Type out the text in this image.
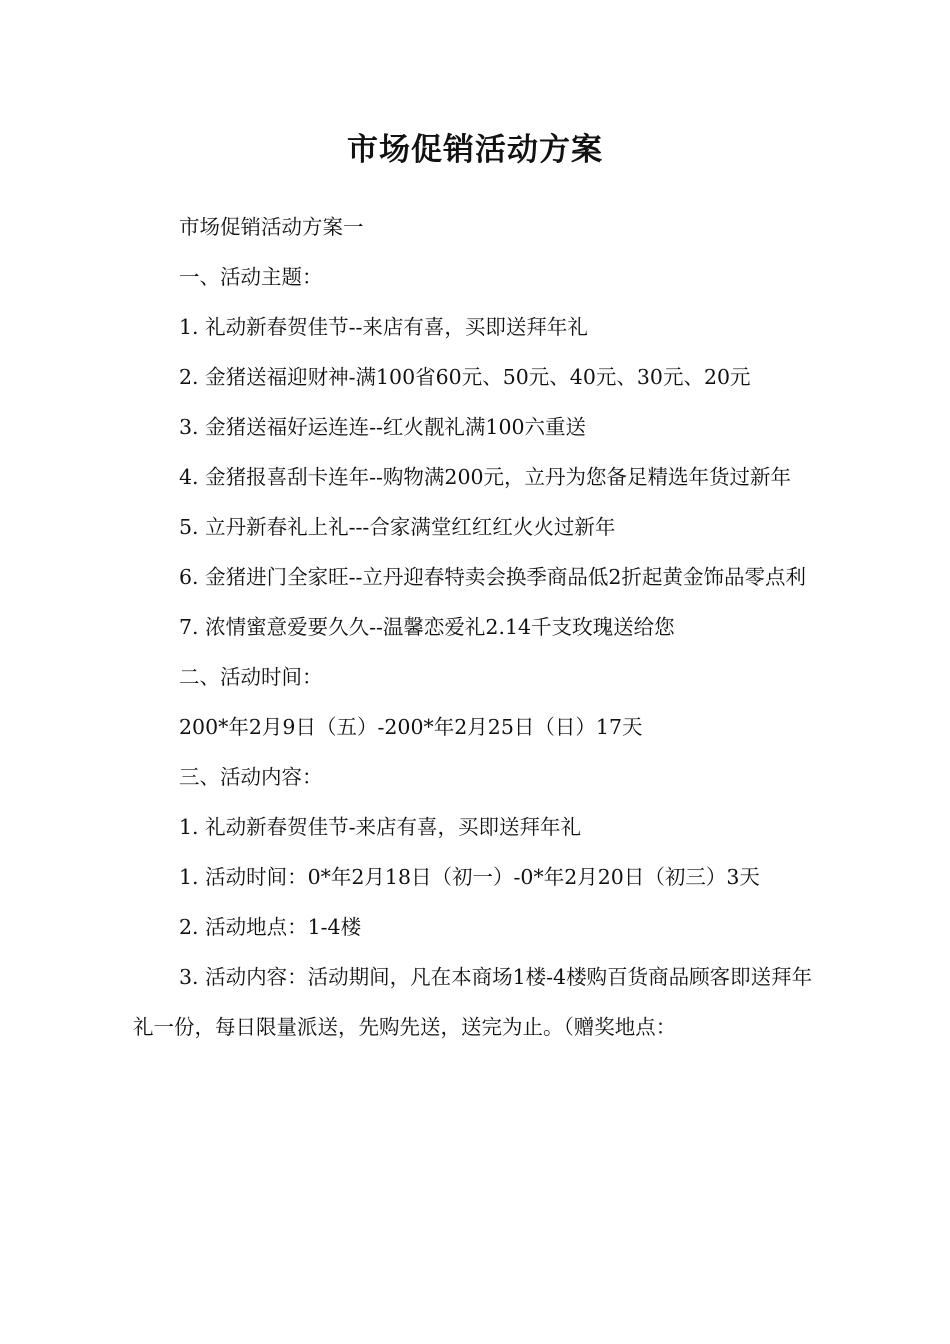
市场促销活动方案

市场促销活动方案一

一、活动主题：

1. 礼动新春贺佳节--来店有喜，买即送拜年礼

2. 金猪送福迎财神-满100省60元、50元、40元、30元、20元

3. 金猪送福好运连连--红火靓礼满100六重送

4. 金猪报喜刮卡连年--购物满200元，立丹为您备足精选年货过新年

5. 立丹新春礼上礼---合家满堂红红红火火过新年

6. 金猪进门全家旺--立丹迎春特卖会换季商品低2折起黄金饰品零点利

7. 浓情蜜意爱要久久--温馨恋爱礼2.14千支玫瑰送给您

二、活动时间：

200*年2月9日（五）-200*年2月25日（日）17天

三、活动内容：

1. 礼动新春贺佳节-来店有喜，买即送拜年礼

1. 活动时间：0*年2月18日（初一）-0*年2月20日（初三）3天

2. 活动地点：1-4楼

3. 活动内容：活动期间，凡在本商场1楼-4楼购百货商品顾客即送拜年礼一份，每日限量派送，先购先送，送完为止。（赠奖地点：
